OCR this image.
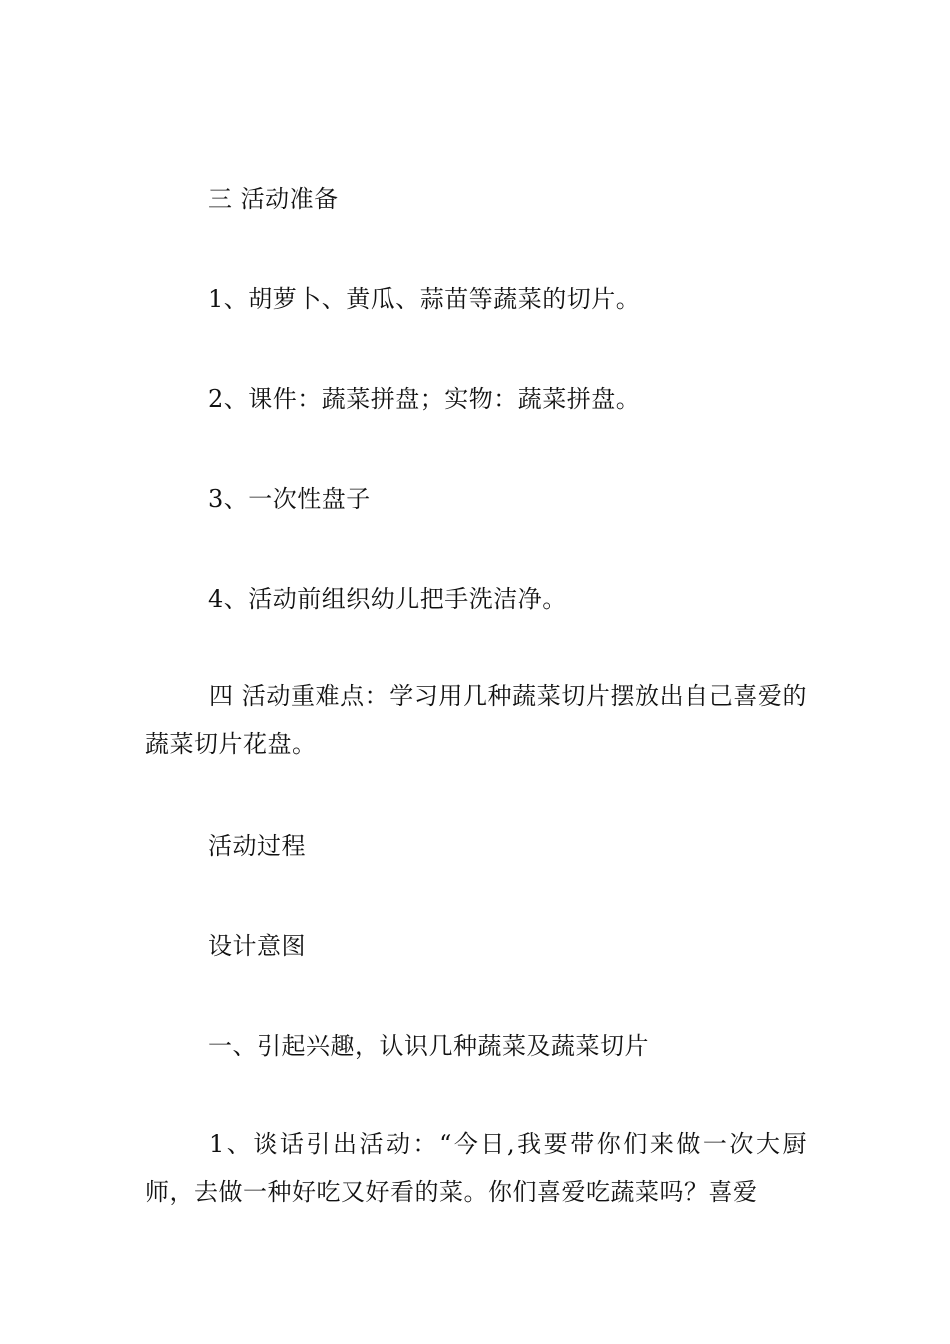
三 活动准备
1、胡萝卜、黄瓜、蒜苗等蔬菜的切片。
2、课件：蔬菜拼盘；实物：蔬菜拼盘。
3、一次性盘子
4、活动前组织幼儿把手洗洁净。
四 活动重难点：学习用几种蔬菜切片摆放出自己喜爱的蔬菜切片花盘。
活动过程
设计意图
一、引起兴趣，认识几种蔬菜及蔬菜切片
1、谈话引出活动：“今日,我要带你们来做一次大厨师，去做一种好吃又好看的菜。你们喜爱吃蔬菜吗？喜爱
